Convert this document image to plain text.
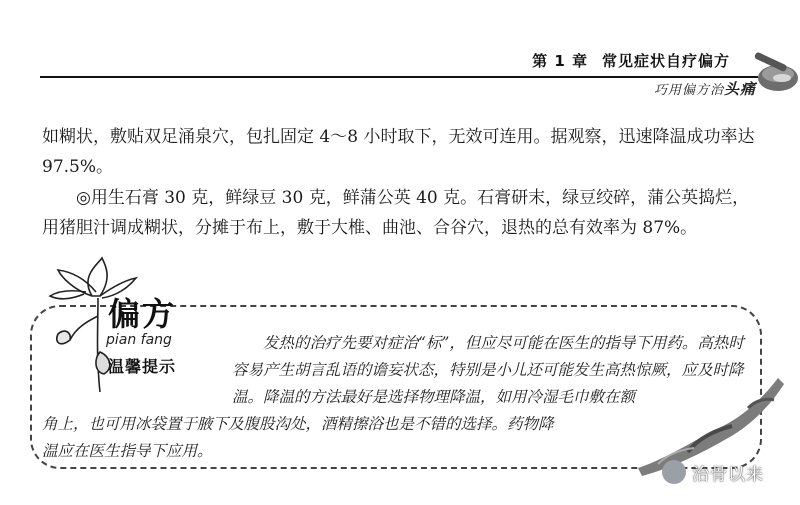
第 1 章 常见症状自疗偏方
巧用偏方治头痛

如糊状，敷贴双足涌泉穴，包扎固定 4～8 小时取下，无效可连用。据观察，迅速降温成功率达 97.5%。

◎用生石膏 30 克，鲜绿豆 30 克，鲜蒲公英 40 克。石膏研末，绿豆绞碎，蒲公英捣烂，用猪胆汁调成糊状，分摊于布上，敷于大椎、曲池、合谷穴，退热的总有效率为 87%。

偏方
pian fang
温馨提示
发热的治疗先要对症治“标”，但应尽可能在医生的指导下用药。高热时容易产生胡言乱语的谵妄状态，特别是小儿还可能发生高热惊厥，应及时降温。降温的方法最好是选择物理降温，如用冷湿毛巾敷在额
角上，也可用冰袋置于腋下及腹股沟处，酒精擦浴也是不错的选择。药物降温应在医生指导下应用。
治骨以来
